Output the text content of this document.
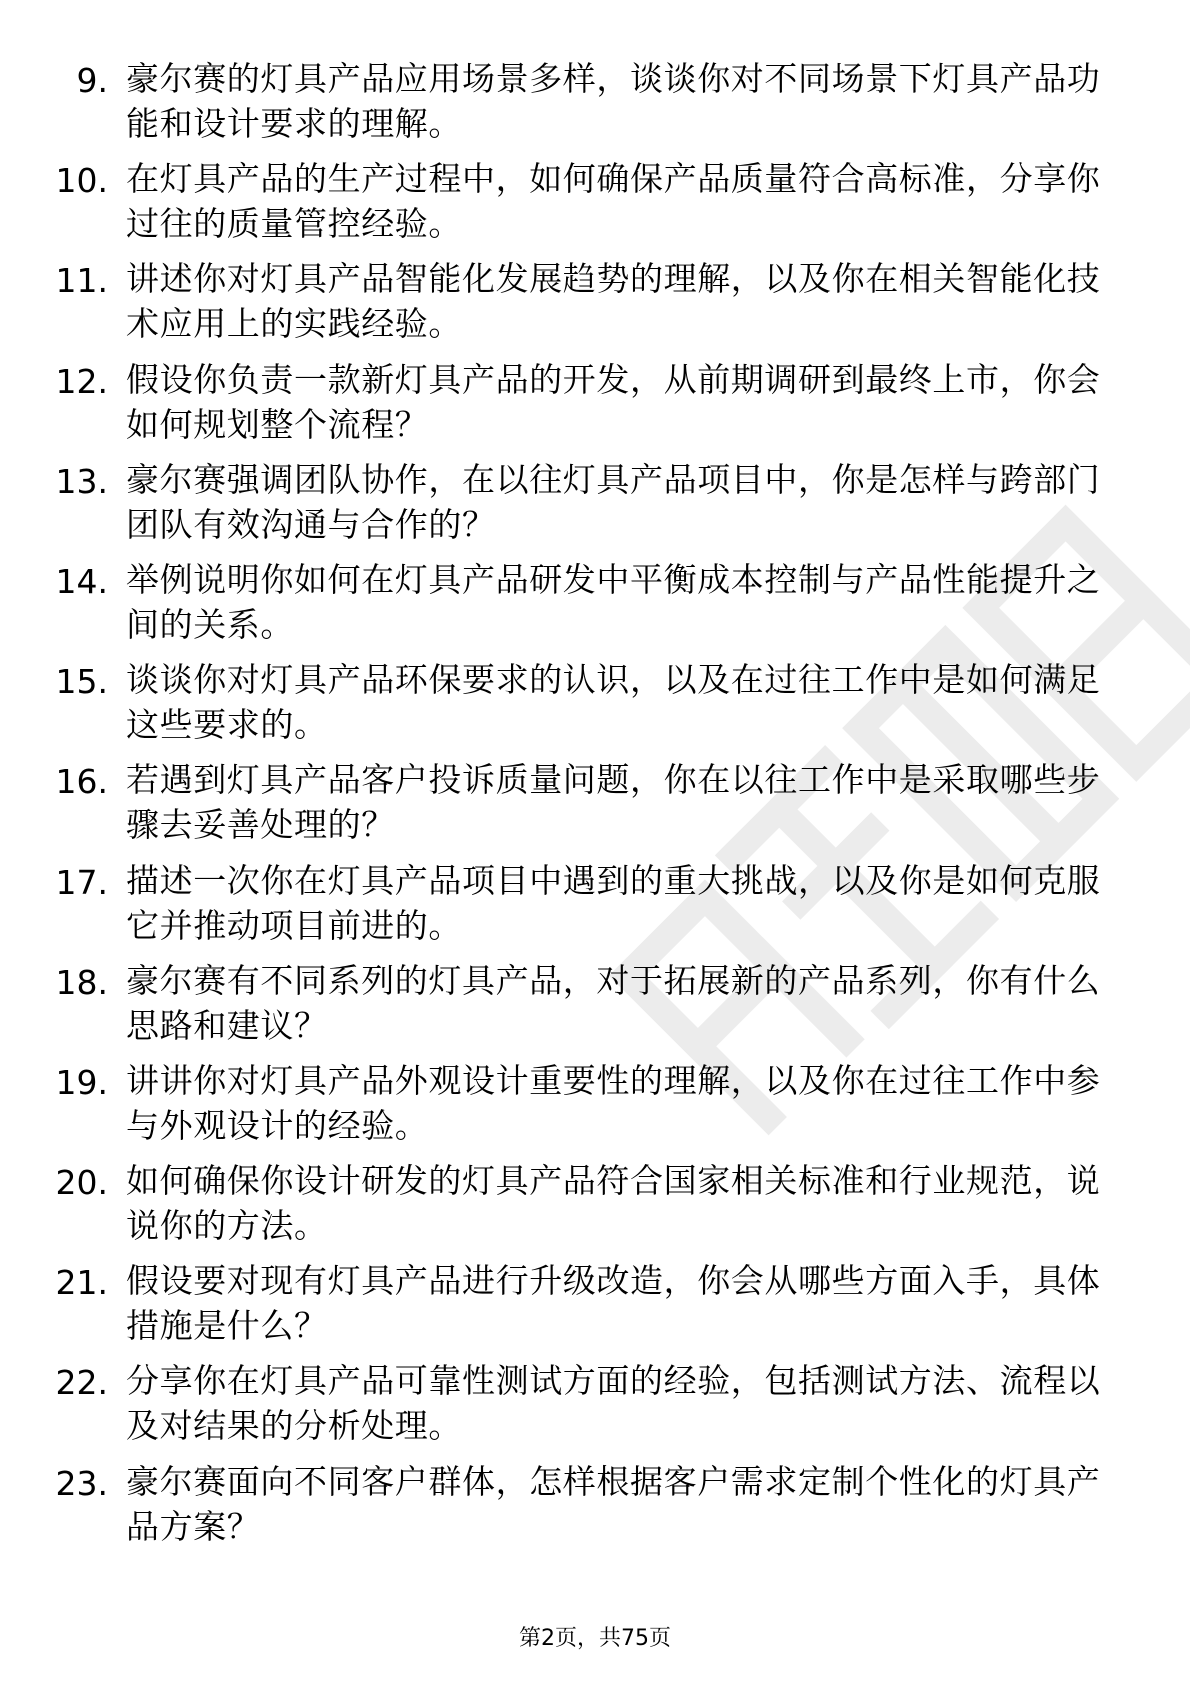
9. 豪尔赛的灯具产品应用场景多样，谈谈你对不同场景下灯具产品功能和设计要求的理解。
10. 在灯具产品的生产过程中，如何确保产品质量符合高标准，分享你过往的质量管控经验。
11. 讲述你对灯具产品智能化发展趋势的理解，以及你在相关智能化技术应用上的实践经验。
12. 假设你负责一款新灯具产品的开发，从前期调研到最终上市，你会如何规划整个流程？
13. 豪尔赛强调团队协作，在以往灯具产品项目中，你是怎样与跨部门团队有效沟通与合作的？
14. 举例说明你如何在灯具产品研发中平衡成本控制与产品性能提升之间的关系。
15. 谈谈你对灯具产品环保要求的认识，以及在过往工作中是如何满足这些要求的。
16. 若遇到灯具产品客户投诉质量问题，你在以往工作中是采取哪些步骤去妥善处理的？
17. 描述一次你在灯具产品项目中遇到的重大挑战，以及你是如何克服它并推动项目前进的。
18. 豪尔赛有不同系列的灯具产品，对于拓展新的产品系列，你有什么思路和建议？
19. 讲讲你对灯具产品外观设计重要性的理解，以及你在过往工作中参与外观设计的经验。
20. 如何确保你设计研发的灯具产品符合国家相关标准和行业规范，说说你的方法。
21. 假设要对现有灯具产品进行升级改造，你会从哪些方面入手，具体措施是什么？
22. 分享你在灯具产品可靠性测试方面的经验，包括测试方法、流程以及对结果的分析处理。
23. 豪尔赛面向不同客户群体，怎样根据客户需求定制个性化的灯具产品方案？
第2页，共75页
